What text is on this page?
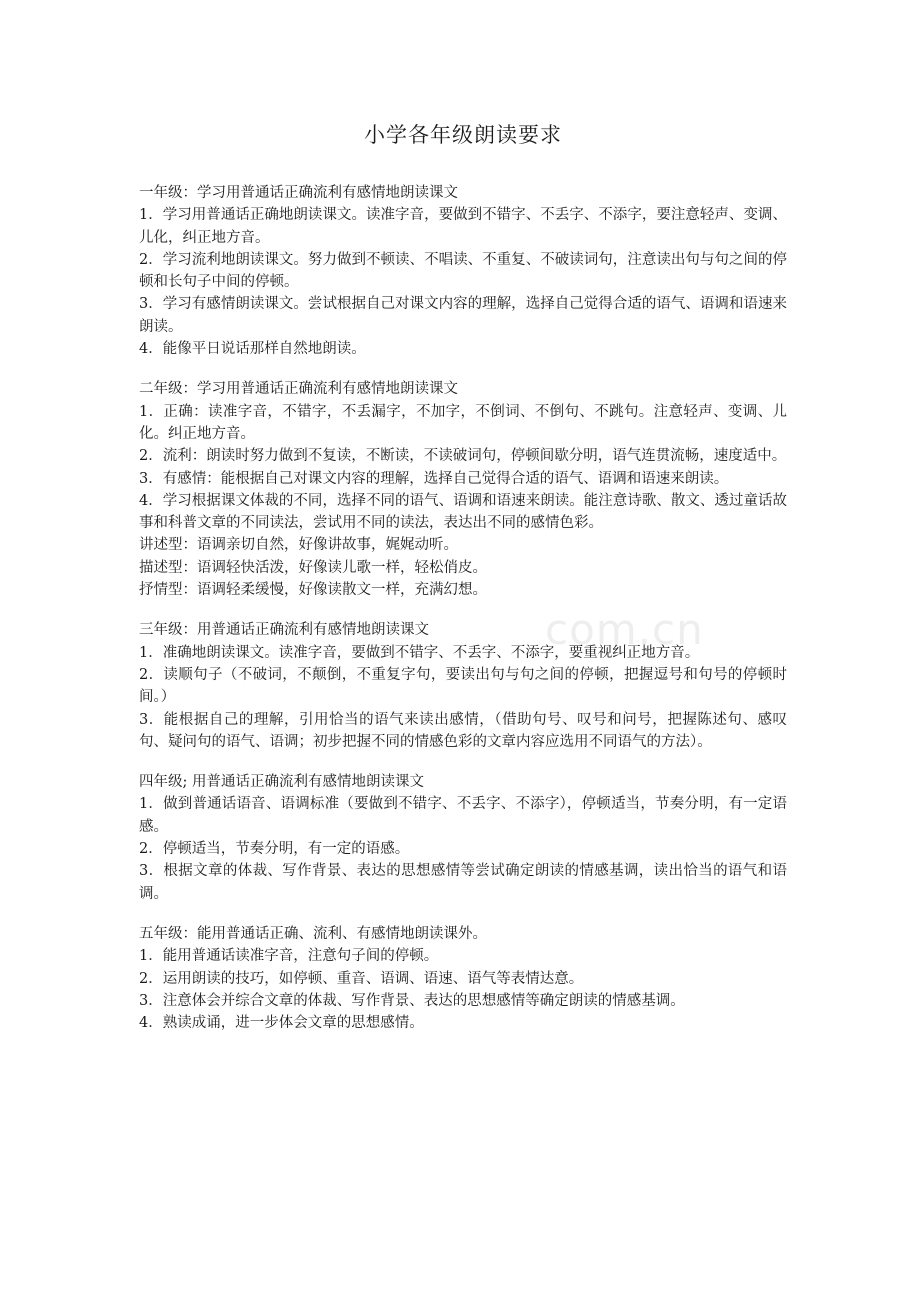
com.cn
小学各年级朗读要求

一年级：学习用普通话正确流利有感情地朗读课文

1．学习用普通话正确地朗读课文。读准字音，要做到不错字、不丢字、不添字，要注意轻声、变调、儿化，纠正地方音。

2．学习流利地朗读课文。努力做到不顿读、不唱读、不重复、不破读词句，注意读出句与句之间的停顿和长句子中间的停顿。

3．学习有感情朗读课文。尝试根据自己对课文内容的理解，选择自己觉得合适的语气、语调和语速来朗读。

4．能像平日说话那样自然地朗读。

二年级：学习用普通话正确流利有感情地朗读课文

1．正确：读准字音，不错字，不丢漏字，不加字，不倒词、不倒句、不跳句。注意轻声、变调、儿化。纠正地方音。

2．流利：朗读时努力做到不复读，不断读，不读破词句，停顿间歇分明，语气连贯流畅，速度适中。

3．有感情：能根据自己对课文内容的理解，选择自己觉得合适的语气、语调和语速来朗读。

4．学习根据课文体裁的不同，选择不同的语气、语调和语速来朗读。能注意诗歌、散文、透过童话故事和科普文章的不同读法，尝试用不同的读法，表达出不同的感情色彩。

讲述型：语调亲切自然，好像讲故事，娓娓动听。

描述型：语调轻快活泼，好像读儿歌一样，轻松俏皮。

抒情型：语调轻柔缓慢，好像读散文一样，充满幻想。

三年级：用普通话正确流利有感情地朗读课文

1．准确地朗读课文。读准字音，要做到不错字、不丢字、不添字，要重视纠正地方音。

2．读顺句子（不破词，不颠倒，不重复字句，要读出句与句之间的停顿，把握逗号和句号的停顿时间。）

3．能根据自己的理解，引用恰当的语气来读出感情，（借助句号、叹号和问号，把握陈述句、感叹句、疑问句的语气、语调；初步把握不同的情感色彩的文章内容应选用不同语气的方法）。

四年级; 用普通话正确流利有感情地朗读课文

1．做到普通话语音、语调标准（要做到不错字、不丢字、不添字），停顿适当，节奏分明，有一定语感。

2．停顿适当，节奏分明，有一定的语感。

3．根据文章的体裁、写作背景、表达的思想感情等尝试确定朗读的情感基调，读出恰当的语气和语调。

五年级：能用普通话正确、流利、有感情地朗读课外。

1．能用普通话读准字音，注意句子间的停顿。

2．运用朗读的技巧，如停顿、重音、语调、语速、语气等表情达意。

3．注意体会并综合文章的体裁、写作背景、表达的思想感情等确定朗读的情感基调。

4．熟读成诵，进一步体会文章的思想感情。
